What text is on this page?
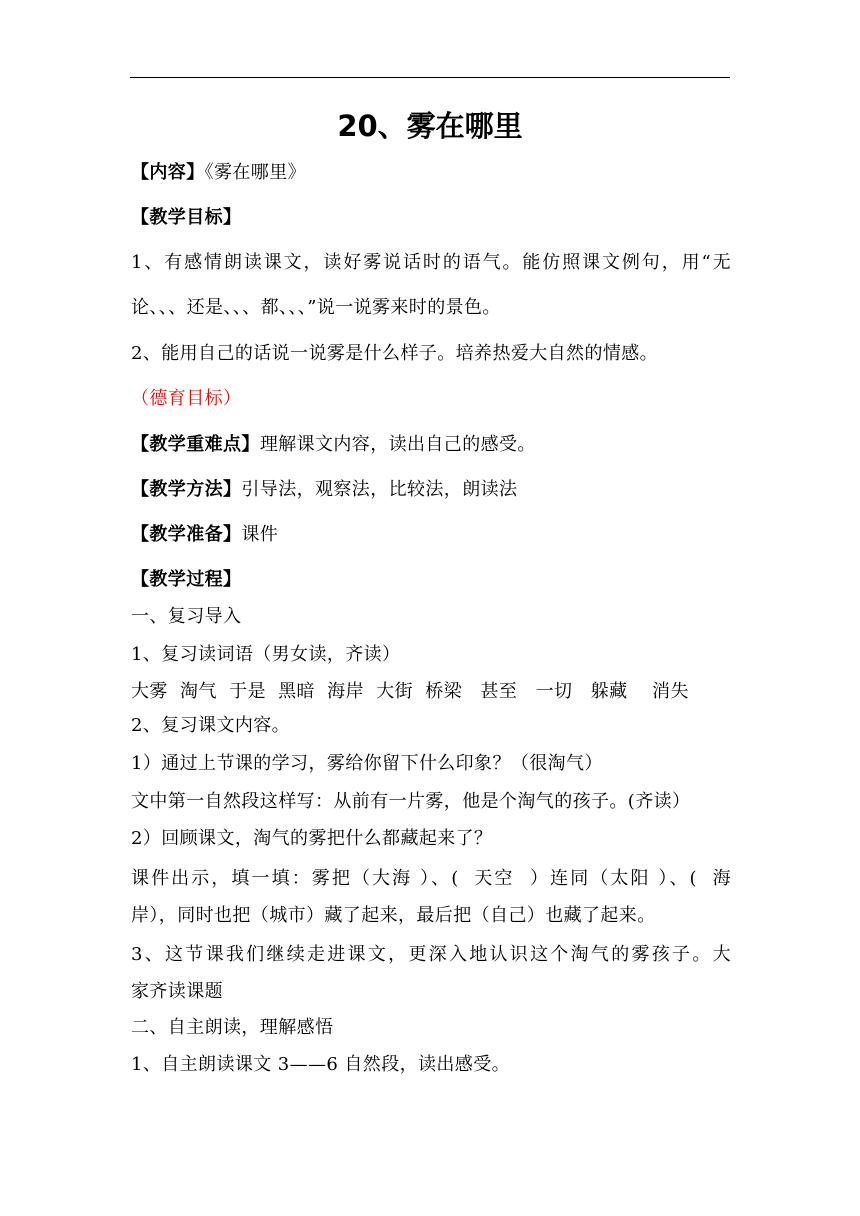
20、雾在哪里
【内容】《雾在哪里》
【教学目标】
1、有感情朗读课文，读好雾说话时的语气。能仿照课文例句，用“无
论、、、还是、、、都、、、”说一说雾来时的景色。
2、能用自己的话说一说雾是什么样子。培养热爱大自然的情感。
（德育目标）
【教学重难点】理解课文内容，读出自己的感受。
【教学方法】引导法，观察法，比较法，朗读法
【教学准备】课件
【教学过程】
一、复习导入
1、复习读词语（男女读，齐读）
大雾  淘气  于是  黑暗  海岸  大街  桥梁   甚至   一切   躲藏    消失
2、复习课文内容。
1）通过上节课的学习，雾给你留下什么印象？（很淘气）
文中第一自然段这样写：从前有一片雾，他是个淘气的孩子。(齐读）
2）回顾课文，淘气的雾把什么都藏起来了？
课件出示，填一填：雾把（大海 ）、(  天空  ）连同（太阳 ）、(  海
岸），同时也把（城市）藏了起来，最后把（自己）也藏了起来。
3、这节课我们继续走进课文，更深入地认识这个淘气的雾孩子。大
家齐读课题
二、自主朗读，理解感悟
1、自主朗读课文 3——6 自然段，读出感受。
